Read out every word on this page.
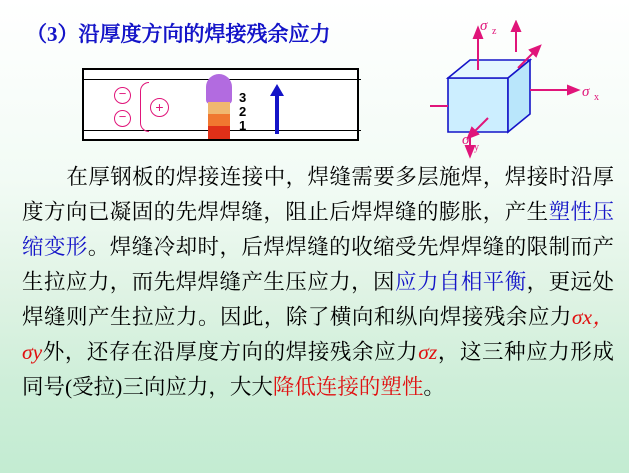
（3）沿厚度方向的焊接残余应力
−
−
+
3
2
1
σ z
σ x
σ y
在厚钢板的焊接连接中，焊缝需要多层施焊，焊接时沿厚度方向已凝固的先焊焊缝，阻止后焊焊缝的膨胀，产生塑性压缩变形。焊缝冷却时，后焊焊缝的收缩受先焊焊缝的限制而产生拉应力，而先焊焊缝产生压应力，因应力自相平衡，更远处焊缝则产生拉应力。因此，除了横向和纵向焊接残余应力σx，σy外，还存在沿厚度方向的焊接残余应力σz，这三种应力形成同号(受拉)三向应力，大大降低连接的塑性。
